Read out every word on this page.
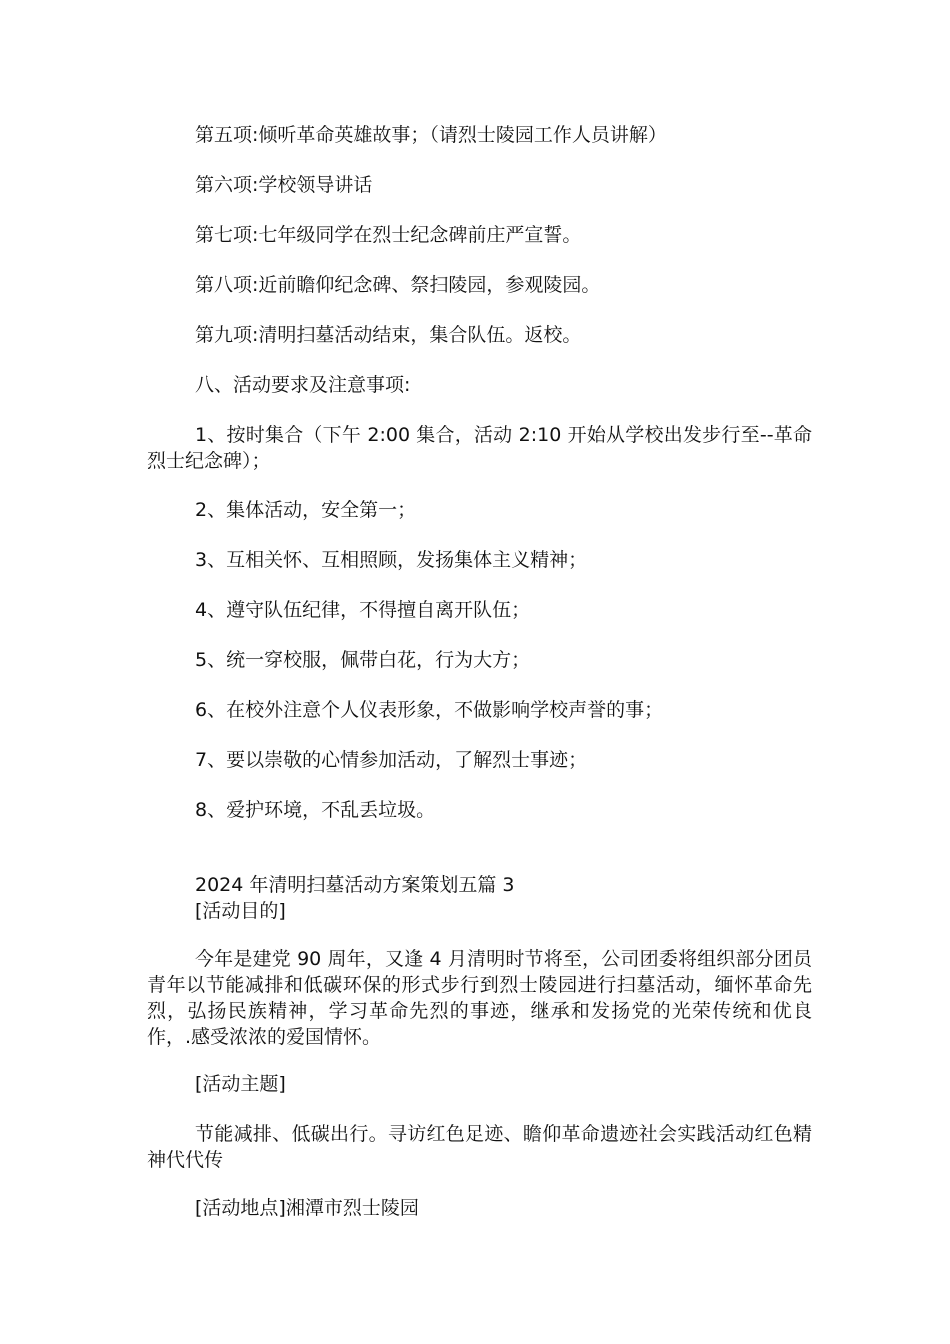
第五项:倾听革命英雄故事；（请烈士陵园工作人员讲解）
第六项:学校领导讲话
第七项:七年级同学在烈士纪念碑前庄严宣誓。
第八项:近前瞻仰纪念碑、祭扫陵园，参观陵园。
第九项:清明扫墓活动结束，集合队伍。返校。
八、活动要求及注意事项:
1、按时集合（下午 2:00 集合，活动 2:10 开始从学校出发步行至--革命烈士纪念碑）；
2、集体活动，安全第一；
3、互相关怀、互相照顾，发扬集体主义精神；
4、遵守队伍纪律，不得擅自离开队伍；
5、统一穿校服，佩带白花，行为大方；
6、在校外注意个人仪表形象，不做影响学校声誉的事；
7、要以崇敬的心情参加活动，了解烈士事迹；
8、爱护环境，不乱丢垃圾。
2024 年清明扫墓活动方案策划五篇 3
[活动目的]
今年是建党 90 周年，又逢 4 月清明时节将至，公司团委将组织部分团员青年以节能减排和低碳环保的形式步行到烈士陵园进行扫墓活动，缅怀革命先烈，弘扬民族精神，学习革命先烈的事迹，继承和发扬党的光荣传统和优良作，.感受浓浓的爱国情怀。
[活动主题]
节能减排、低碳出行。寻访红色足迹、瞻仰革命遗迹社会实践活动红色精神代代传
[活动地点]湘潭市烈士陵园
